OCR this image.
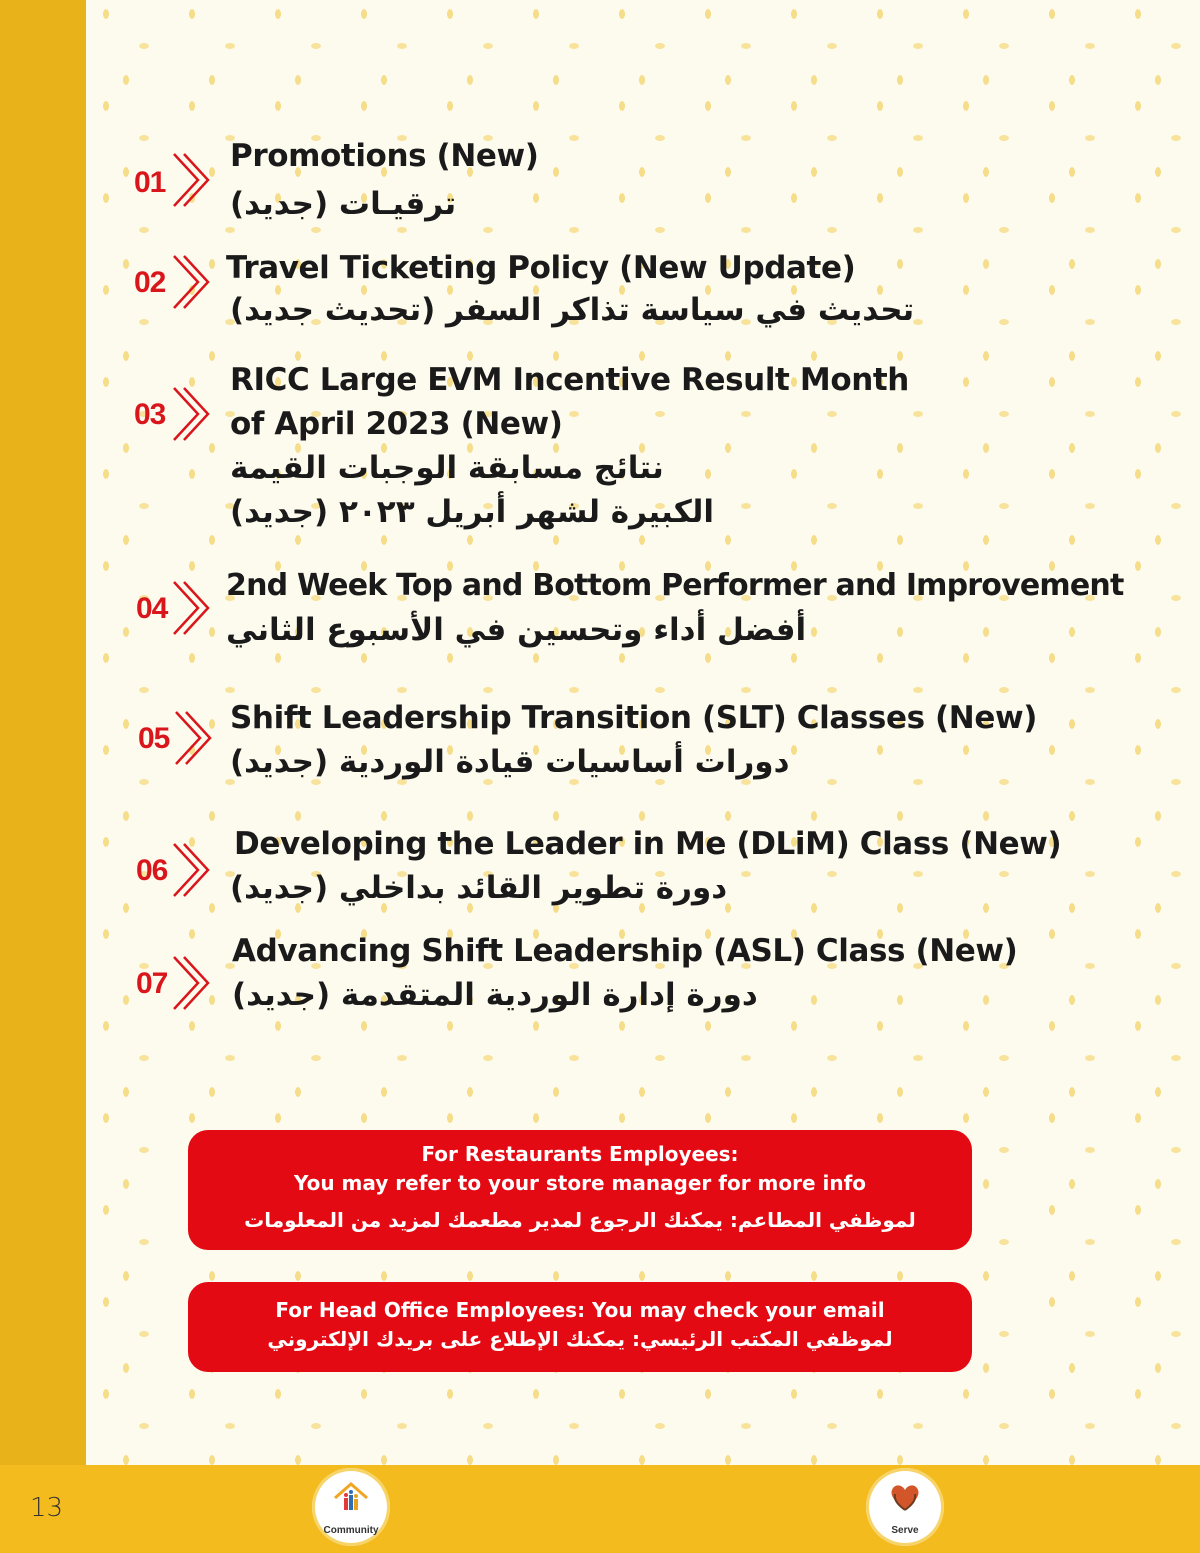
01

Promotions (New)

ترقيـات (جديد)

02 Travel Ticketing Policy (New Update)

تحديث في سياسة تذاكر السفر (تحديث جديد)

03

RICC Large EVM Incentive Result Month

of April 2023 (New)

نتائج مسابقة الوجبات القيمة

الكبيرة لشهر أبريل ٢٠٢٣ (جديد)

04

2nd Week Top and Bottom Performer and Improvement

أفضل أداء وتحسين في الأسبوع الثاني

05

Shift Leadership Transition (SLT) Classes (New)

دورات أساسيات قيادة الوردية (جديد)

06

Developing the Leader in Me (DLiM) Class (New)

دورة تطوير القائد بداخلي (جديد)

07

Advancing Shift Leadership (ASL) Class (New)

دورة إدارة الوردية المتقدمة (جديد)

For Restaurants Employees:

You may refer to your store manager for more info

لموظفي المطاعم: يمكنك الرجوع لمدير مطعمك لمزيد من المعلومات

For Head Office Employees: You may check your email

لموظفي المكتب الرئيسي: يمكنك الإطلاع على بريدك الإلكتروني

13
Community	Serve
